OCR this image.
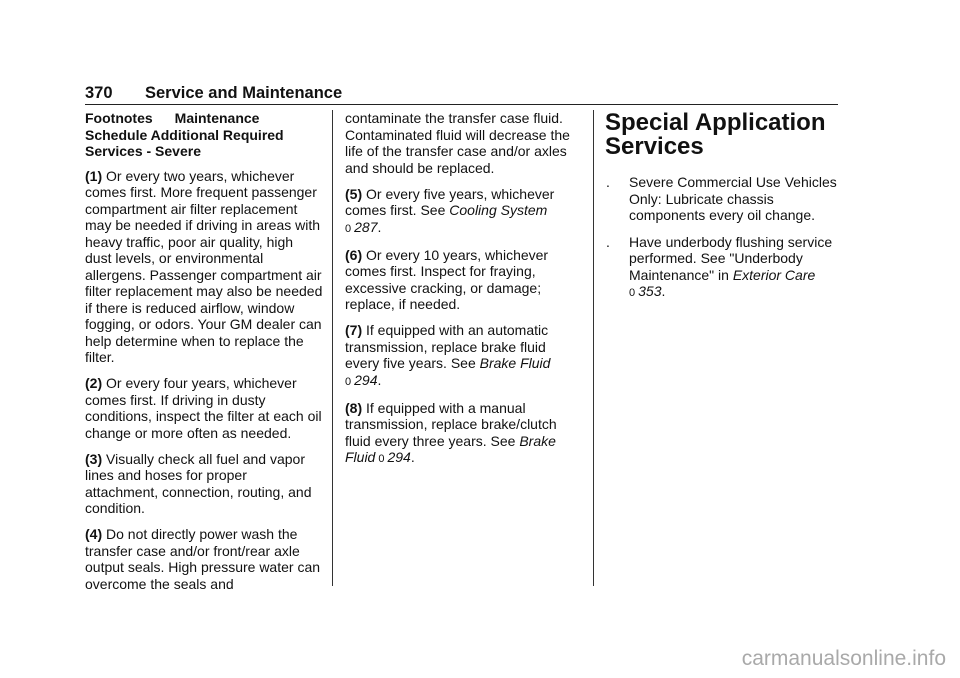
370 Service and Maintenance

Footnotes Maintenance
Schedule Additional Required
Services - Severe

(1) Or every two years, whichever comes first. More frequent passenger compartment air filter replacement may be needed if driving in areas with heavy traffic, poor air quality, high dust levels, or environmental allergens. Passenger compartment air filter replacement may also be needed if there is reduced airflow, window fogging, or odors. Your GM dealer can help determine when to replace the filter.

(2) Or every four years, whichever comes first. If driving in dusty conditions, inspect the filter at each oil change or more often as needed.

(3) Visually check all fuel and vapor lines and hoses for proper attachment, connection, routing, and condition.

(4) Do not directly power wash the transfer case and/or front/rear axle output seals. High pressure water can overcome the seals and

contaminate the transfer case fluid. Contaminated fluid will decrease the life of the transfer case and/or axles and should be replaced.

(5) Or every five years, whichever comes first. See Cooling System
0 287.

(6) Or every 10 years, whichever comes first. Inspect for fraying, excessive cracking, or damage; replace, if needed.

(7) If equipped with an automatic transmission, replace brake fluid every five years. See Brake Fluid
0 294.

(8) If equipped with a manual transmission, replace brake/clutch fluid every three years. See Brake Fluid 0 294.

Special Application
Services
. Severe Commercial Use Vehicles Only: Lubricate chassis components every oil change.
. Have underbody flushing service performed. See "Underbody Maintenance" in Exterior Care
0 353.
carmanualsonline.info
